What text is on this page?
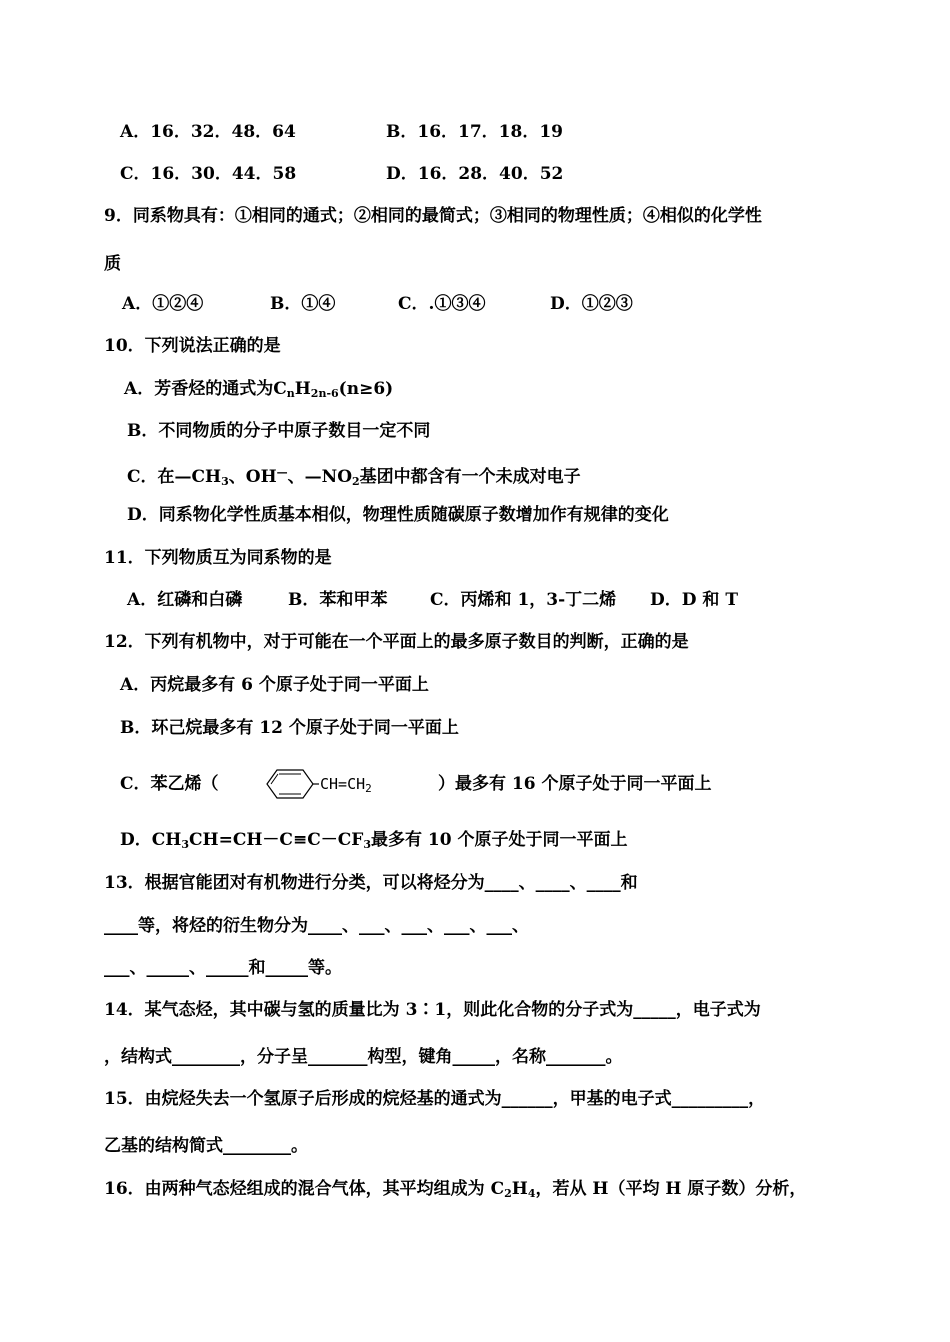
A．16．32．48．64	B．16．17．18．19
C．16．30．44．58	D．16．28．40．52
9．同系物具有：①相同的通式；②相同的最简式；③相同的物理性质；④相似的化学性
质
A．①②④	B．①④	C．.①③④	D．①②③
10．下列说法正确的是
A．芳香烃的通式为$C_nH_{2n-6}(n\ge 6)$
B．不同物质的分子中原子数目一定不同
C．在$—CH_3$、OH—、$—NO_2$基团中都含有一个未成对电子
D．同系物化学性质基本相似，物理性质随碳原子数增加作有规律的变化
11．下列物质互为同系物的是
A．红磷和白磷	B．苯和甲苯	C．丙烯和 1，3-丁二烯 D．D 和 T
12．下列有机物中，对于可能在一个平面上的最多原子数目的判断，正确的是
A．丙烷最多有 6 个原子处于同一平面上
B．环己烷最多有 12 个原子处于同一平面上
C．苯乙烯（	$CH=CH_2$	）最多有 16 个原子处于同一平面上
D．$CH_3CH=CH-C\equiv C-CF_3$最多有 10 个原子处于同一平面上
13．根据官能团对有机物进行分类，可以将烃分为____、____、____和
____等，将烃的衍生物分为____、___、___、___、___、
___、_____、_____和_____等。
14．某气态烃，其中碳与氢的质量比为 3∶1，则此化合物的分子式为_____，电子式为
，结构式________，分子呈_______构型，键角_____，名称_______。
15．由烷烃失去一个氢原子后形成的烷烃基的通式为______，甲基的电子式_________，
乙基的结构简式________。
16．由两种气态烃组成的混合气体，其平均组成为 $C_2H_4$，若从 H（平均 H 原子数）分析，
